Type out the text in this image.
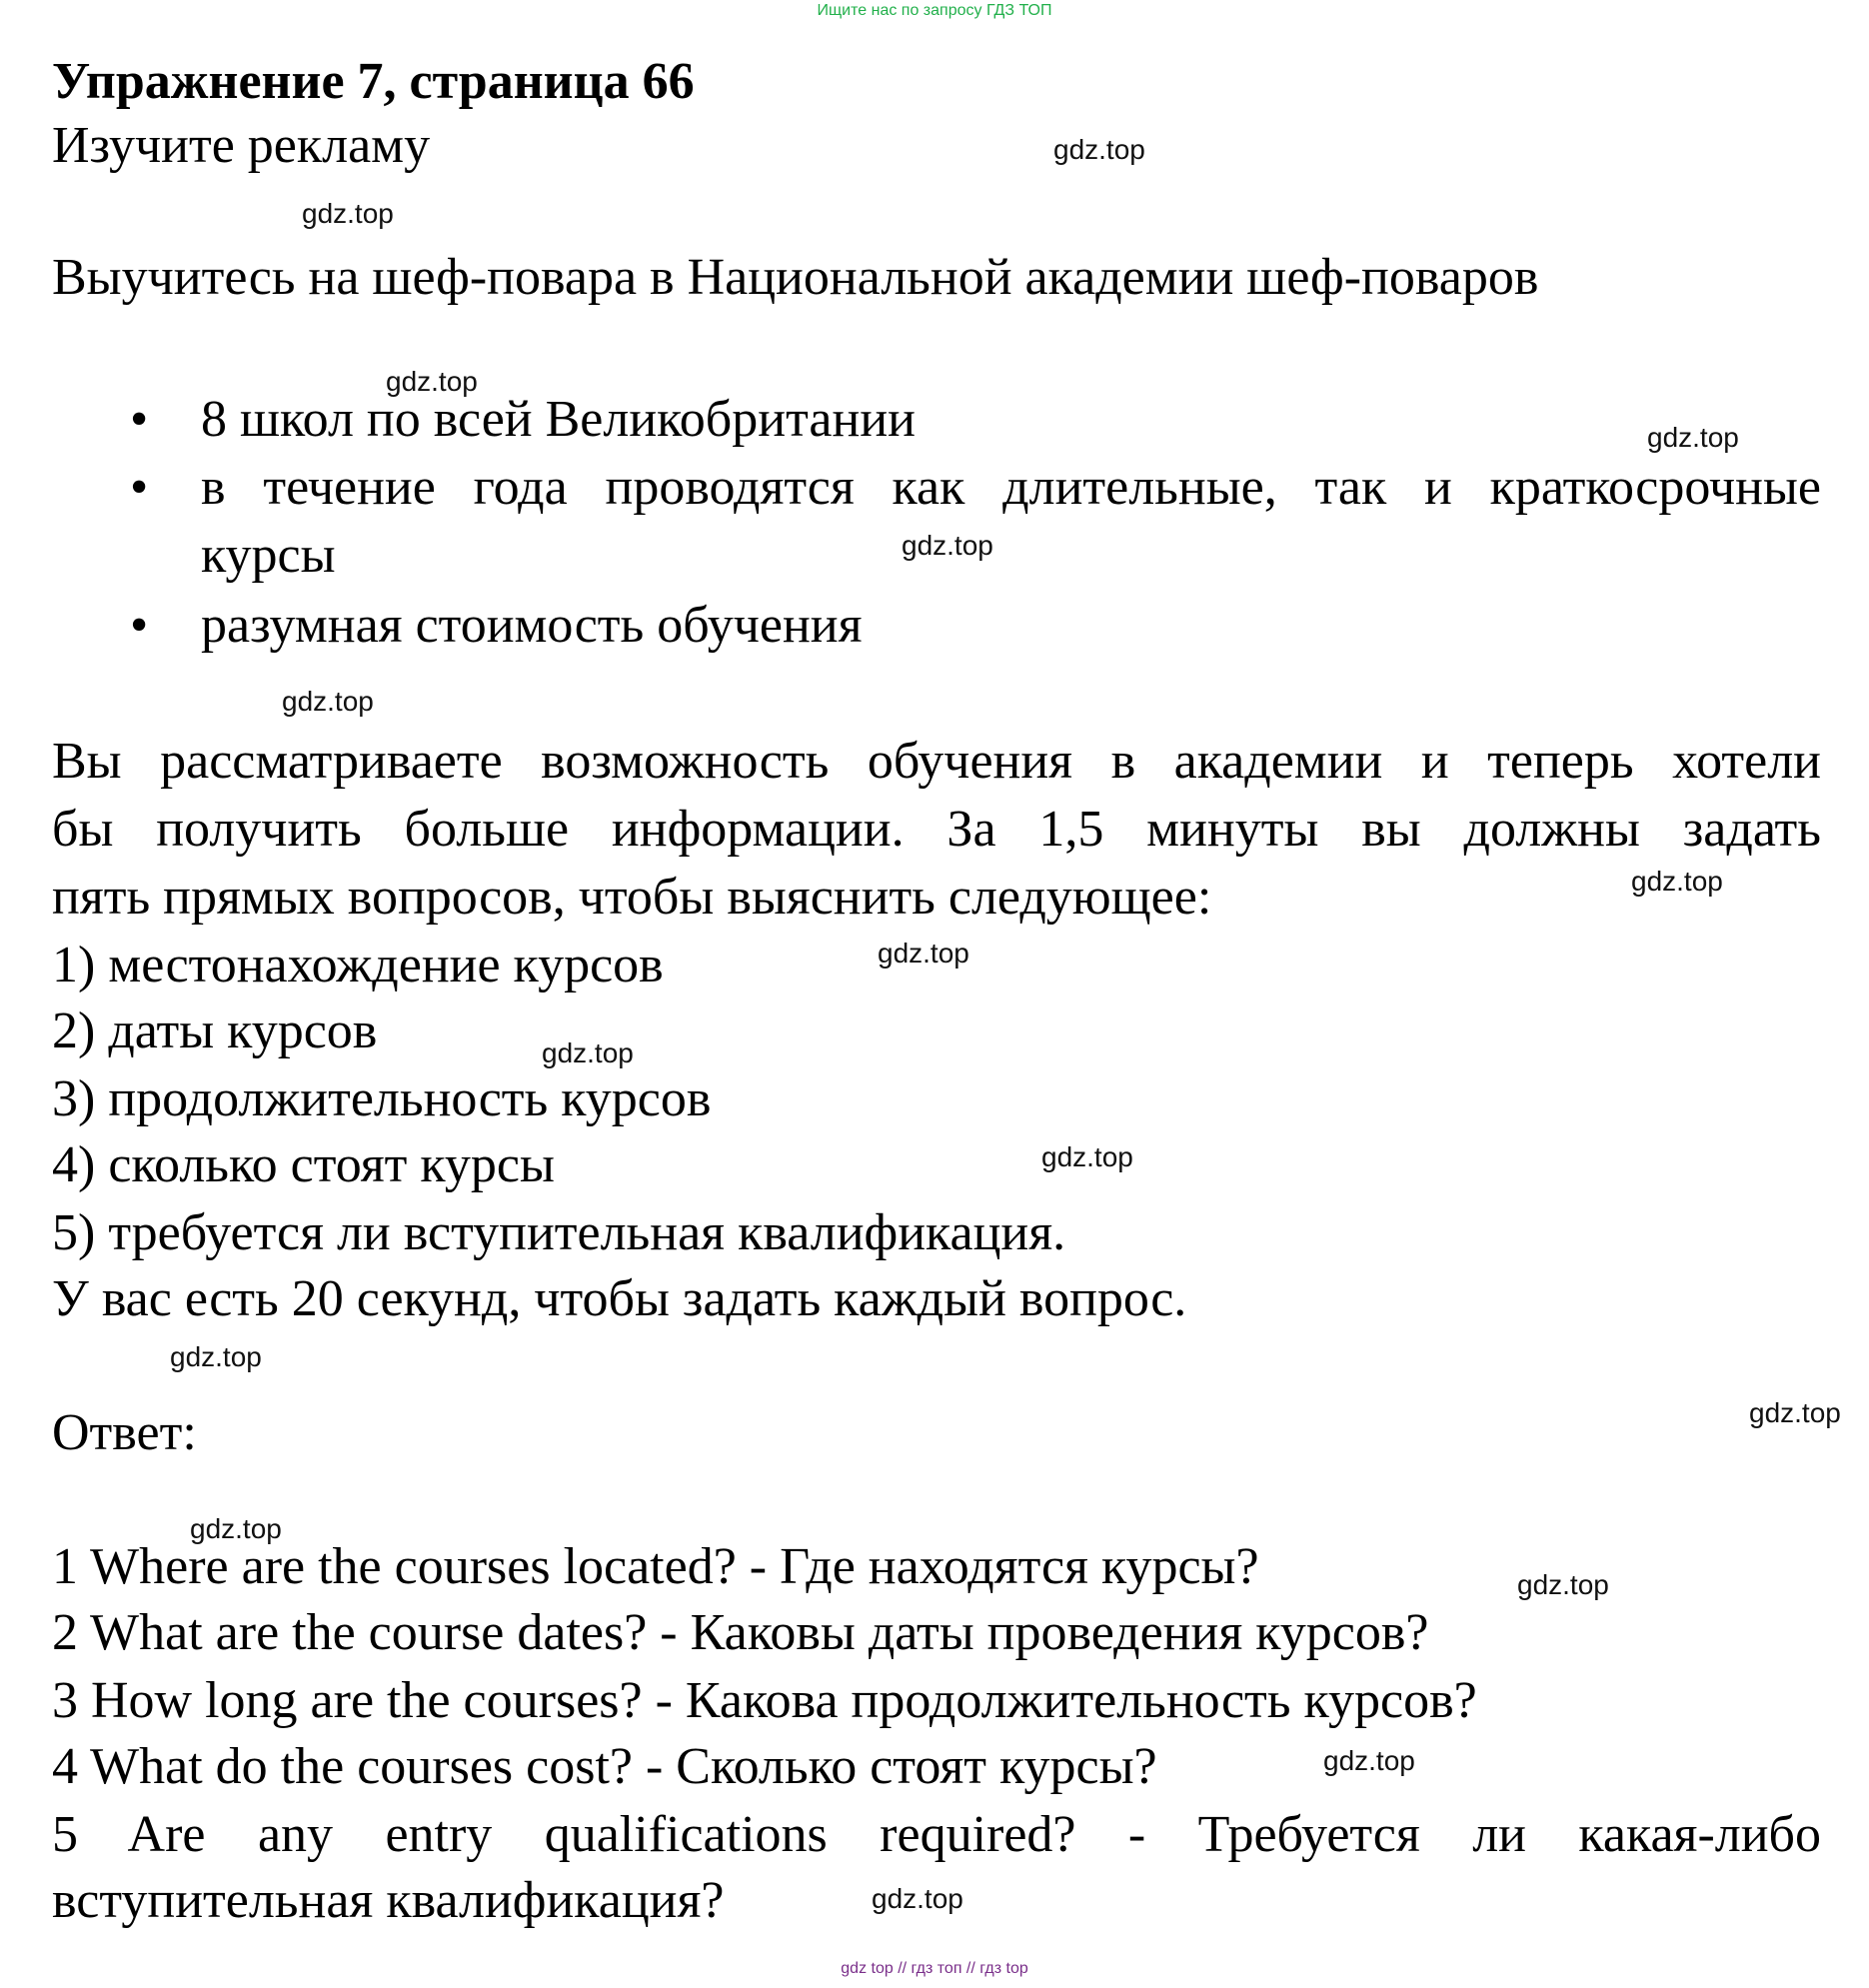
Ищите нас по запросу ГДЗ ТОП
Упражнение 7, страница 66
Изучите рекламу
Выучитесь на шеф-повара в Национальной академии шеф-поваров
• 8 школ по всей Великобритании
• в течение года проводятся как длительные, так и краткосрочные
курсы
• разумная стоимость обучения
Вы рассматриваете возможность обучения в академии и теперь хотели
бы получить больше информации. За 1,5 минуты вы должны задать
пять прямых вопросов, чтобы выяснить следующее:
1) местонахождение курсов
2) даты курсов
3) продолжительность курсов
4) сколько стоят курсы
5) требуется ли вступительная квалификация.
У вас есть 20 секунд, чтобы задать каждый вопрос.
Ответ:
1 Where are the courses located? - Где находятся курсы?
2 What are the course dates? - Каковы даты проведения курсов?
3 How long are the courses? - Какова продолжительность курсов?
4 What do the courses cost? - Сколько стоят курсы?
5 Are any entry qualifications required? - Требуется ли какая-либо
вступительная квалификация?
gdz.top
gdz.top
gdz.top
gdz.top
gdz.top
gdz.top
gdz.top
gdz.top
gdz.top
gdz.top
gdz.top
gdz.top
gdz.top
gdz.top
gdz.top
gdz.top
gdz top // гдз топ // гдз top
